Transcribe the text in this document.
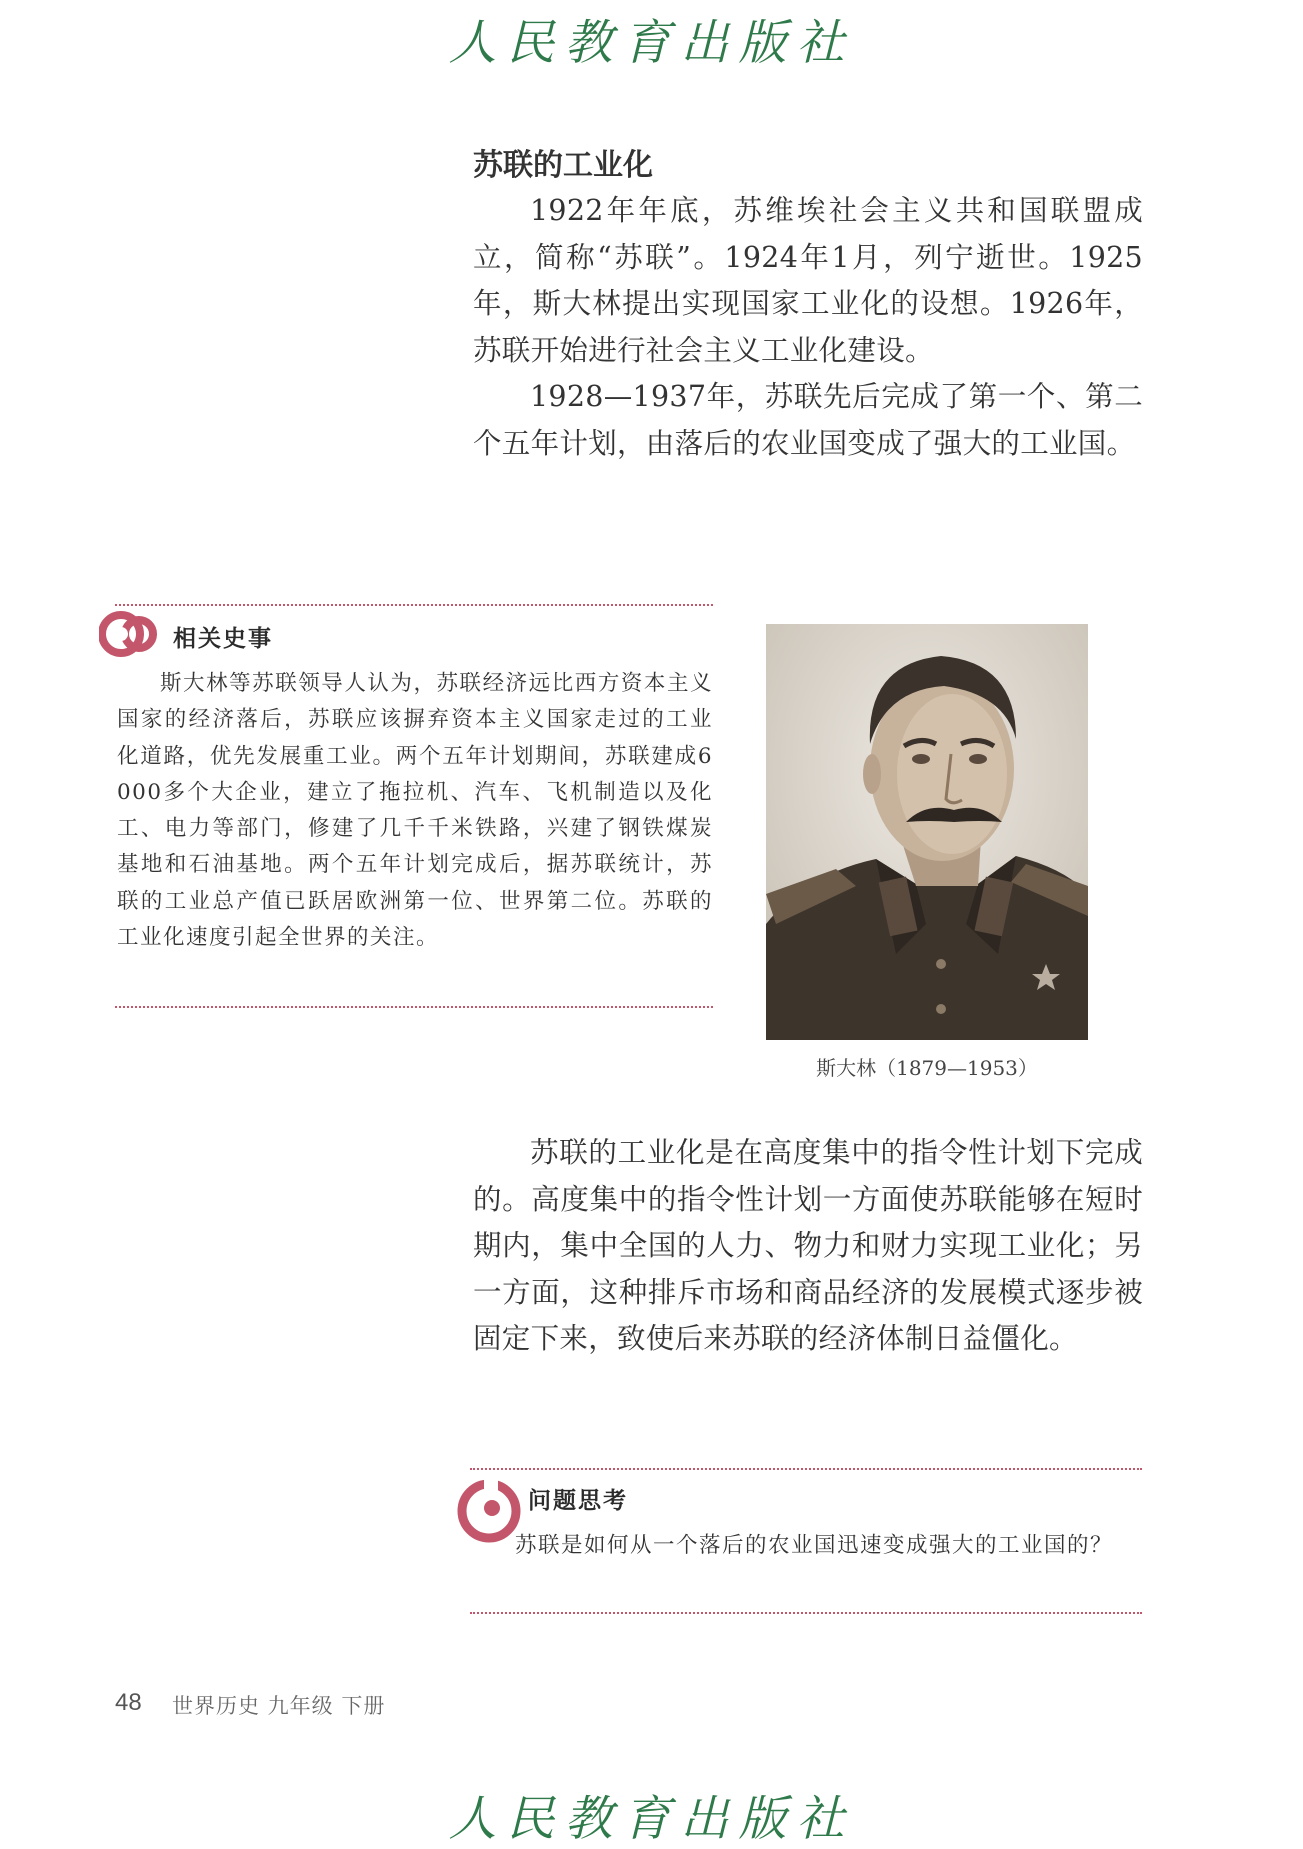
人民教育出版社
苏联的工业化

1922年年底，苏维埃社会主义共和国联盟成立，简称“苏联”。1924年1月，列宁逝世。1925年，斯大林提出实现国家工业化的设想。1926年，苏联开始进行社会主义工业化建设。

1928—1937年，苏联先后完成了第一个、第二个五年计划，由落后的农业国变成了强大的工业国。

相关史事

斯大林等苏联领导人认为，苏联经济远比西方资本主义国家的经济落后，苏联应该摒弃资本主义国家走过的工业化道路，优先发展重工业。两个五年计划期间，苏联建成6 000多个大企业，建立了拖拉机、汽车、飞机制造以及化工、电力等部门，修建了几千千米铁路，兴建了钢铁煤炭基地和石油基地。两个五年计划完成后，据苏联统计，苏联的工业总产值已跃居欧洲第一位、世界第二位。苏联的工业化速度引起全世界的关注。

斯大林（1879—1953）

苏联的工业化是在高度集中的指令性计划下完成的。高度集中的指令性计划一方面使苏联能够在短时期内，集中全国的人力、物力和财力实现工业化；另一方面，这种排斥市场和商品经济的发展模式逐步被固定下来，致使后来苏联的经济体制日益僵化。

问题思考

苏联是如何从一个落后的农业国迅速变成强大的工业国的？

48 世界历史 九年级 下册
人民教育出版社
